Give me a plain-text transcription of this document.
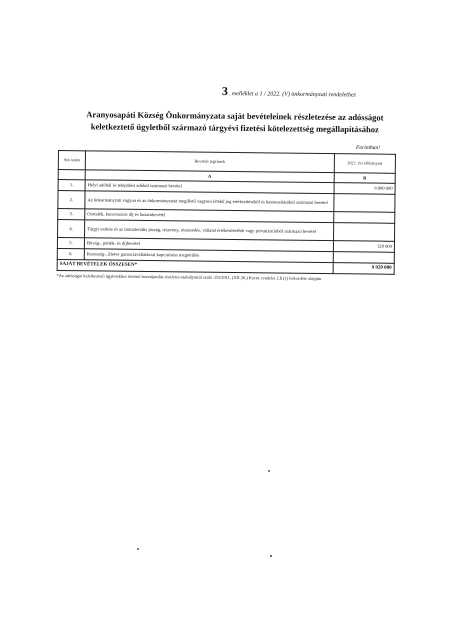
3. melléklet a 1 / 2022. (V) önkormányzati rendelethez
Aranyosapáti Község Önkormányzata saját bevételeinek részletezése az adósságot
keletkeztető ügyletből származó tárgyévi fizetési kötelezettség megállapításához
Forintban!
Sor-szám	Bevételi jogcímek	2022. évi előirányzat
	A	B
1.	Helyi adóból és települési adóból származó bevétel	9 800 000
2.	Az önkormányzati vagyon és az önkormányzatot megillető vagyoni értékű jog értékesítéséből és hasznosításából származó bevétel	
3.	Osztalék, koncessziós díj és hozambevétel	
4.	Tárgyi eszköz és az immateriális jószág, részvény, részesedés, vállalat értékesítéséből vagy privatizációból származó bevétel	
5.	Bírság-, pótlék- és díjbevétel	120 000
6.	Kezesség-, illetve garanciavállalással kapcsolatos megtérülés	
SAJÁT BEVÉTELEK ÖSSZESEN*		9 920 000
*Az adósságot keletkeztető ügyletekhez történő hozzájárulás részletes szabályairól szóló 353/2011. (XII.30.) Korm. rendelet 2.§ (1) bekezdése alapján
